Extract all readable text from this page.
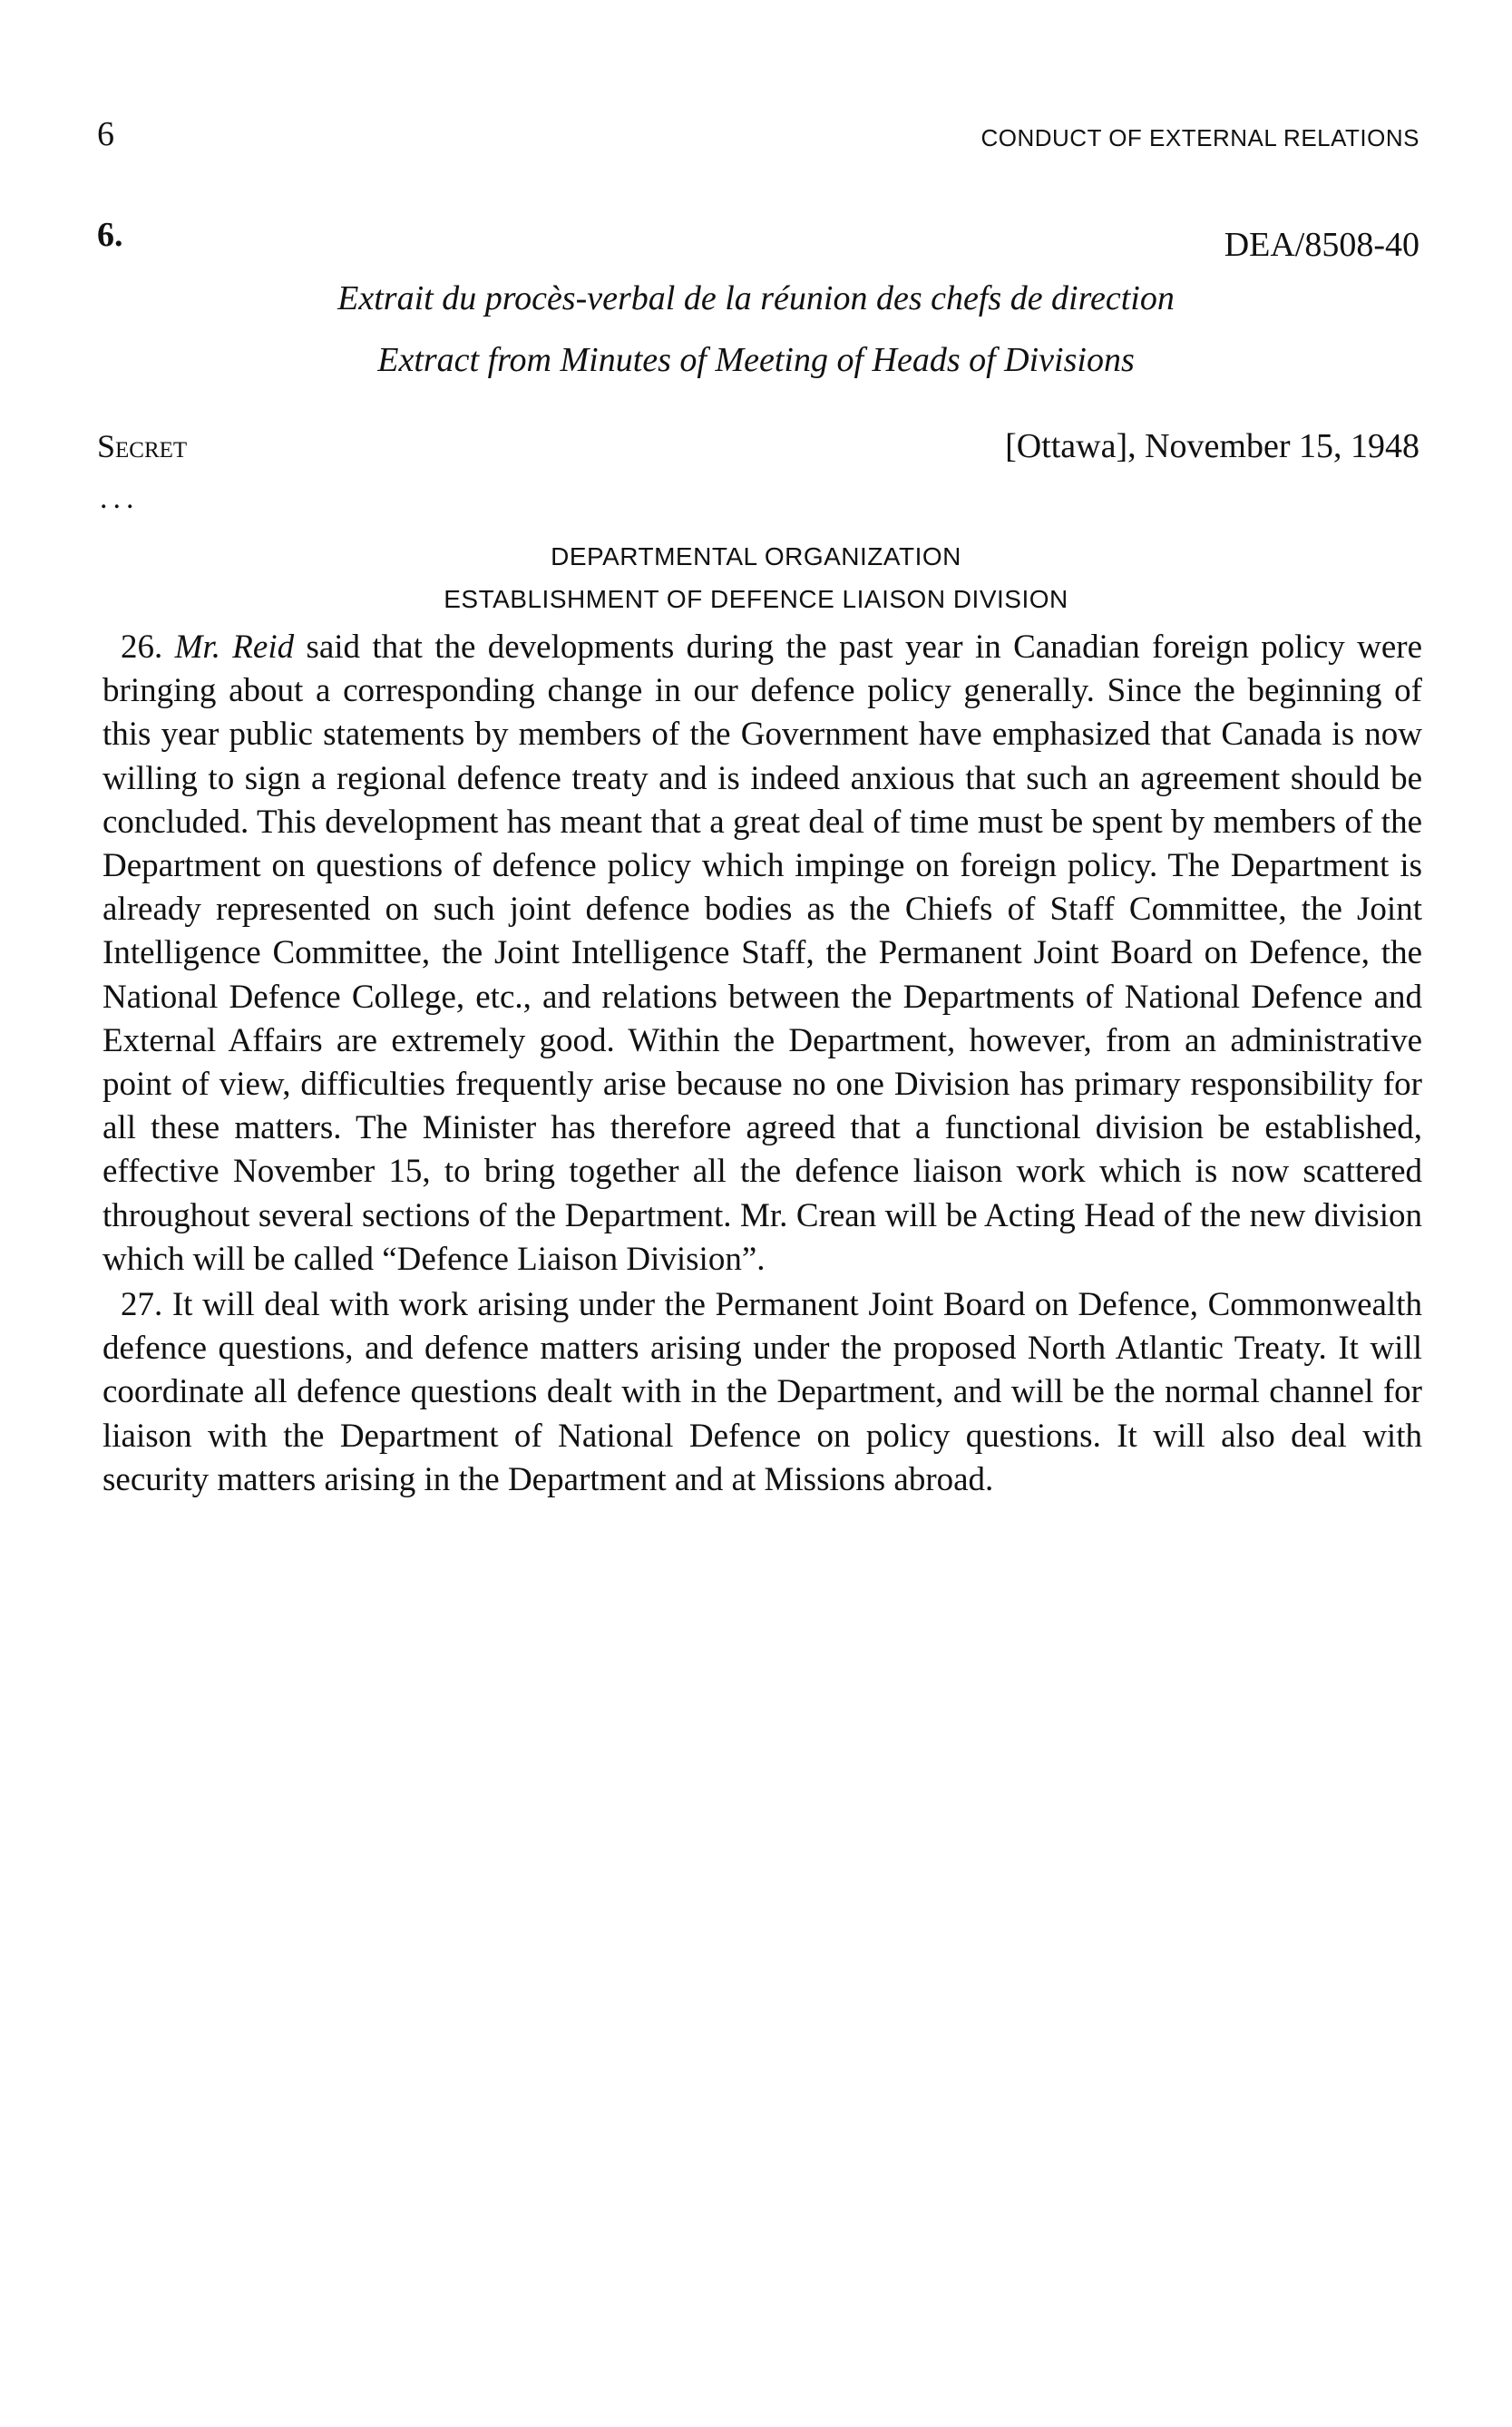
6	CONDUCT OF EXTERNAL RELATIONS
6.	DEA/8508-40
Extrait du procès-verbal de la réunion des chefs de direction
Extract from Minutes of Meeting of Heads of Divisions
Secret	[Ottawa], November 15, 1948
...
DEPARTMENTAL ORGANIZATION
ESTABLISHMENT OF DEFENCE LIAISON DIVISION

26. Mr. Reid said that the developments during the past year in Canadian foreign policy were bringing about a corresponding change in our defence policy generally. Since the beginning of this year public statements by members of the Government have emphasized that Canada is now willing to sign a regional defence treaty and is indeed anxious that such an agreement should be concluded. This development has meant that a great deal of time must be spent by members of the Department on questions of defence policy which impinge on foreign policy. The Department is already represented on such joint defence bodies as the Chiefs of Staff Committee, the Joint Intelligence Committee, the Joint Intelligence Staff, the Permanent Joint Board on Defence, the National Defence College, etc., and relations between the Departments of National Defence and External Affairs are extremely good. Within the Department, however, from an administrative point of view, difficulties frequently arise because no one Division has primary responsibility for all these matters. The Minister has therefore agreed that a functional division be established, effective November 15, to bring together all the defence liaison work which is now scattered throughout several sections of the Department. Mr. Crean will be Acting Head of the new division which will be called “Defence Liaison Division”.

27. It will deal with work arising under the Permanent Joint Board on Defence, Commonwealth defence questions, and defence matters arising under the proposed North Atlantic Treaty. It will coordinate all defence questions dealt with in the Department, and will be the normal channel for liaison with the Department of National Defence on policy questions. It will also deal with security matters arising in the Department and at Missions abroad.
